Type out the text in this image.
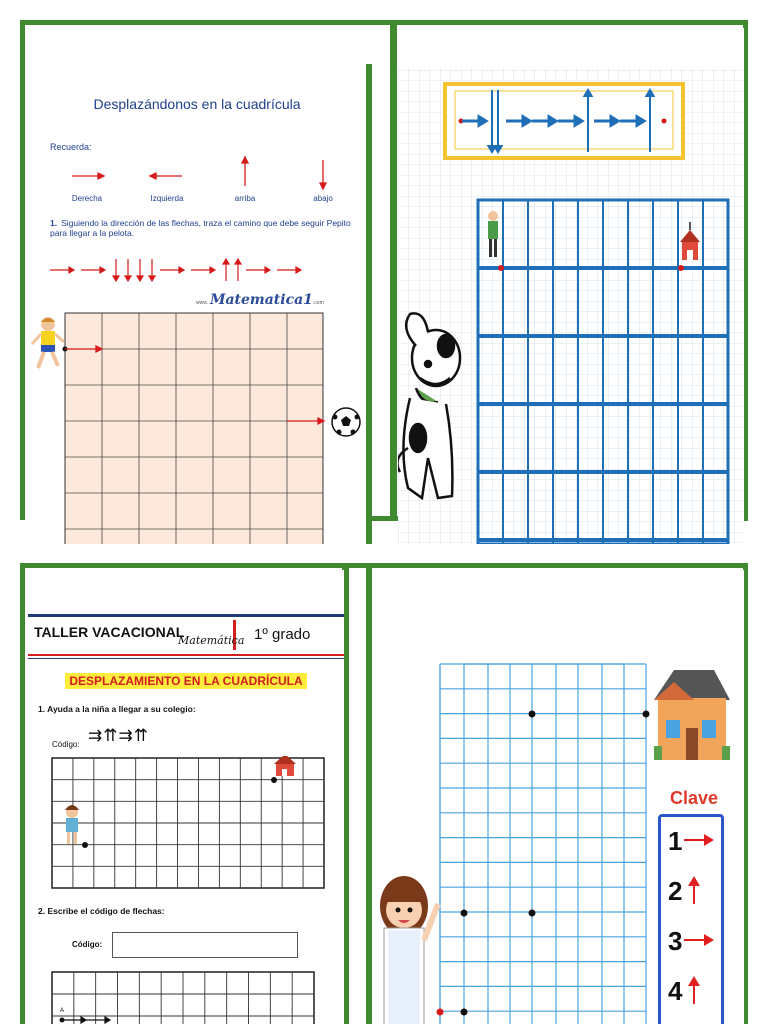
Desplazándonos en la cuadrícula
Recuerda:
Derecha	Izquierda	arriba	abajo
1. Siguiendo la dirección de las flechas, traza el camino que debe seguir Pepito para llegar a la pelota.
www. Matematica1.com
TALLER VACACIONAL
Matemática 1º grado
DESPLAZAMIENTO EN LA CUADRÍCULA
1. Ayuda a la niña a llegar a su colegio:
Código: ⇉⇈⇉⇈
2. Escribe el código de flechas:
Código:
A
Clave
1
2
3
4
